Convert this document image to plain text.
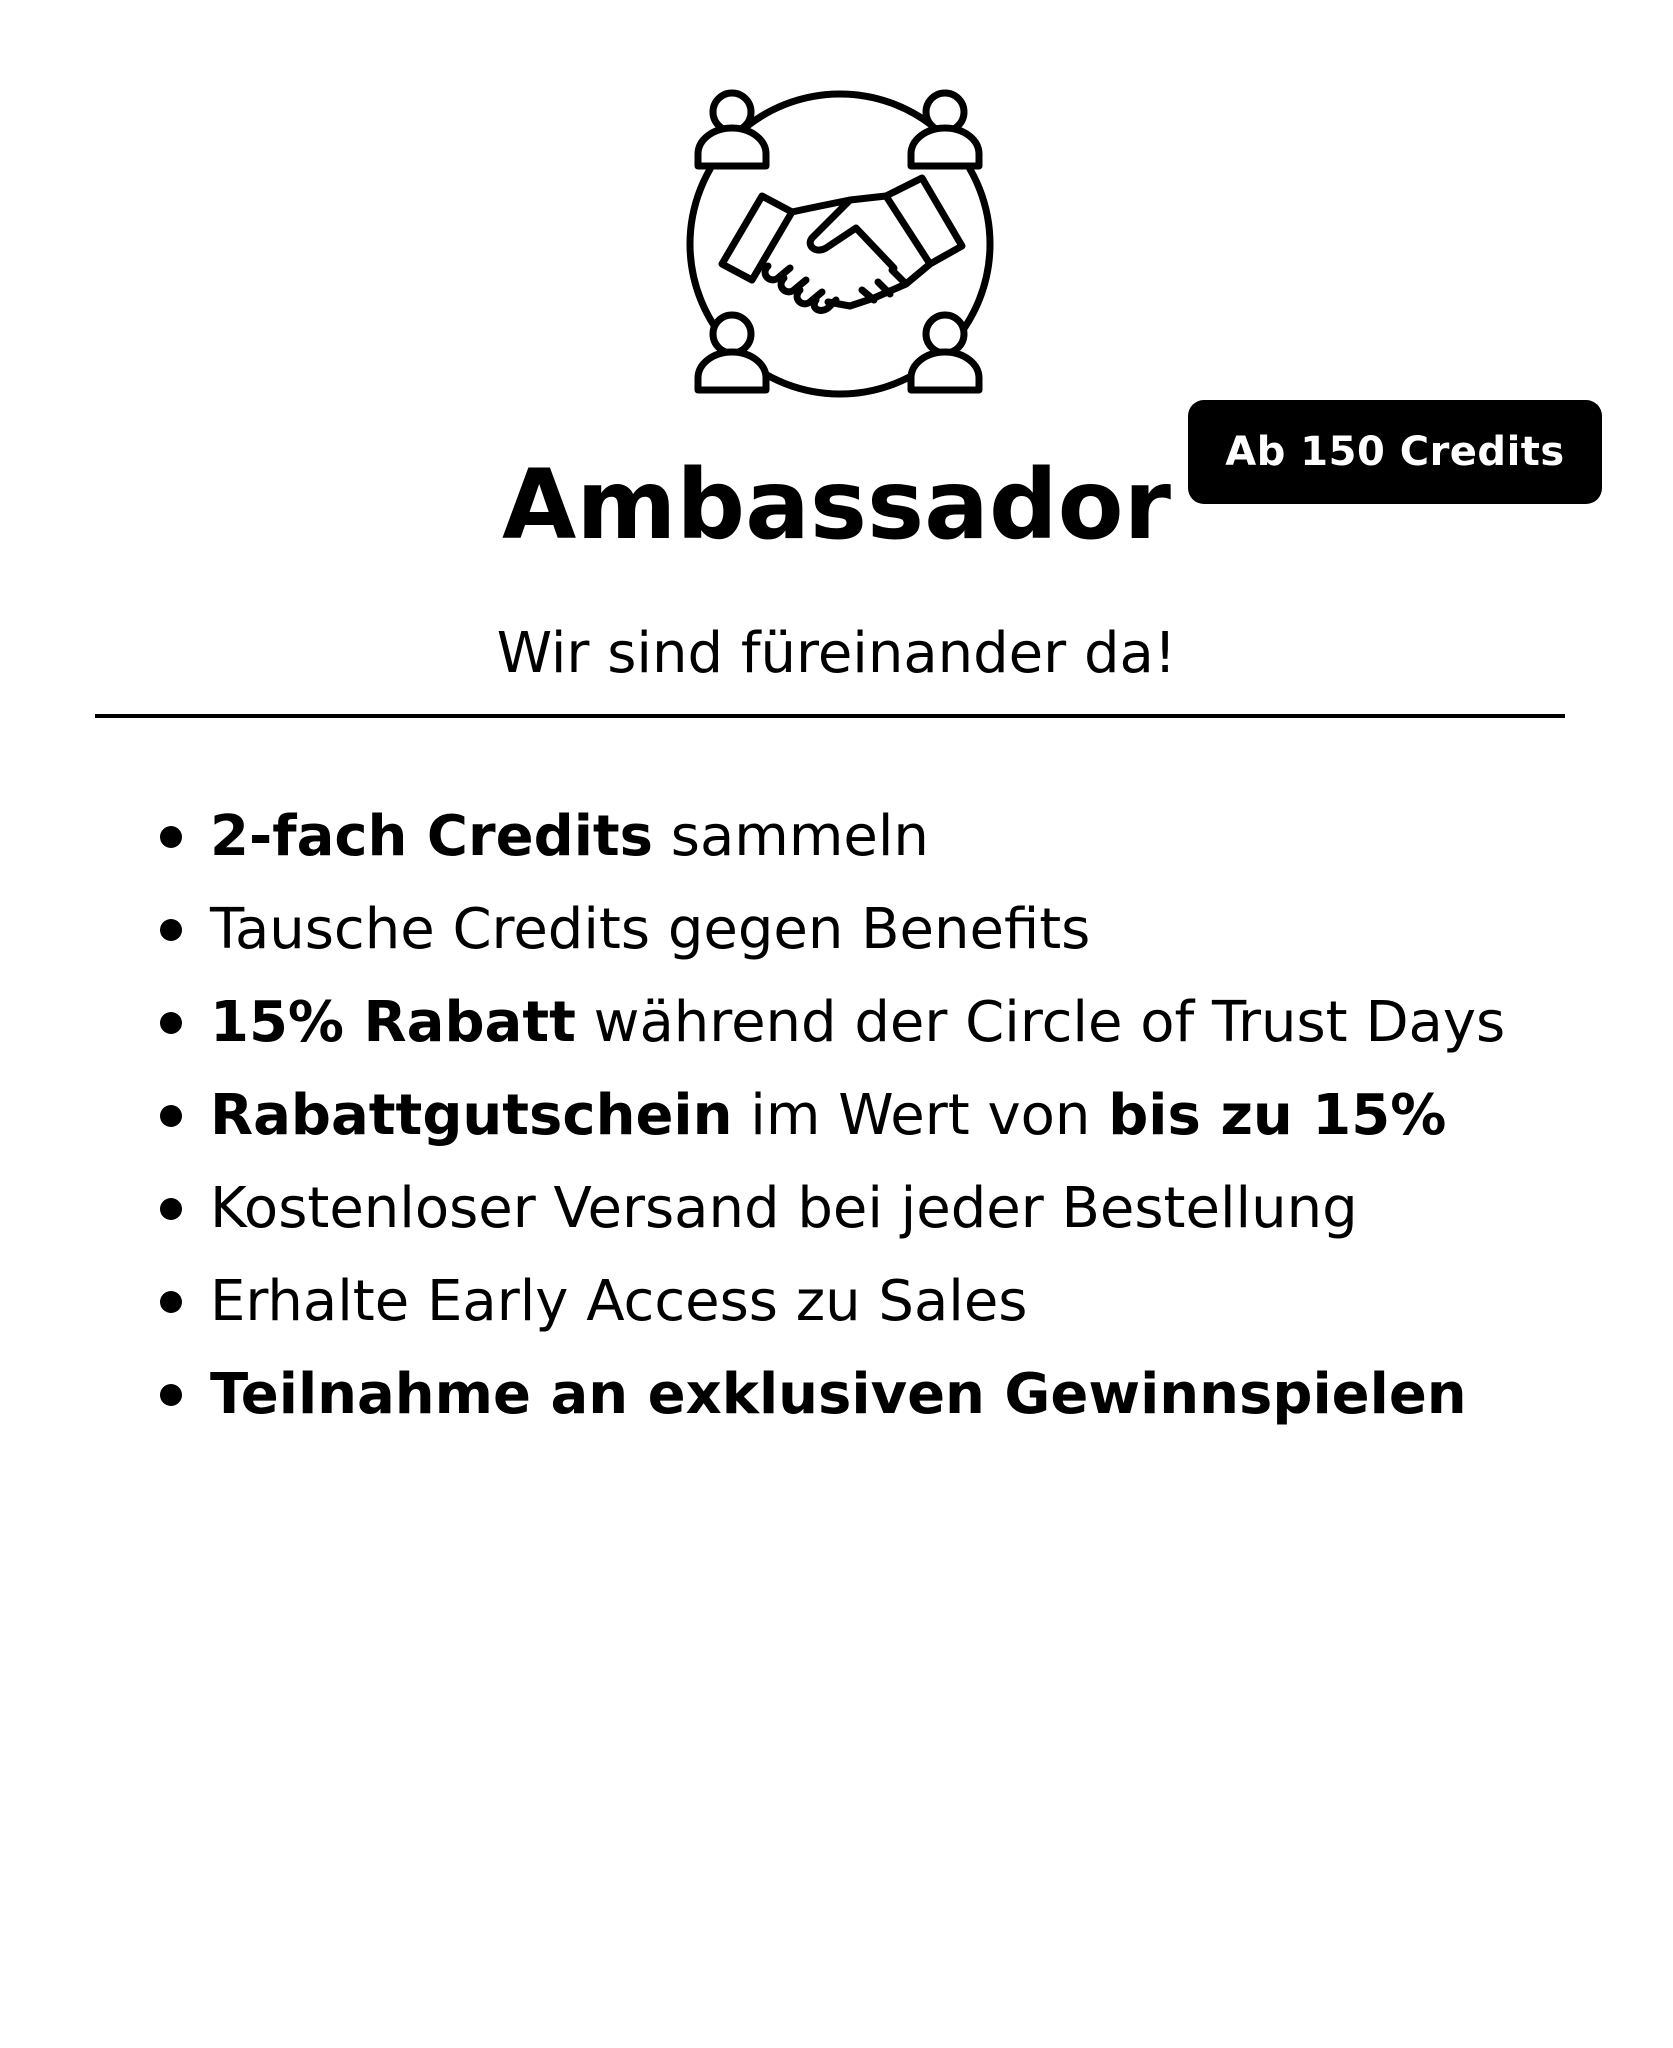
Ab 150 Credits
Ambassador
Wir sind füreinander da!
2-fach Credits sammeln
Tausche Credits gegen Benefits
15% Rabatt während der Circle of Trust Days
Rabattgutschein im Wert von bis zu 15%
Kostenloser Versand bei jeder Bestellung
Erhalte Early Access zu Sales
Teilnahme an exklusiven Gewinnspielen
